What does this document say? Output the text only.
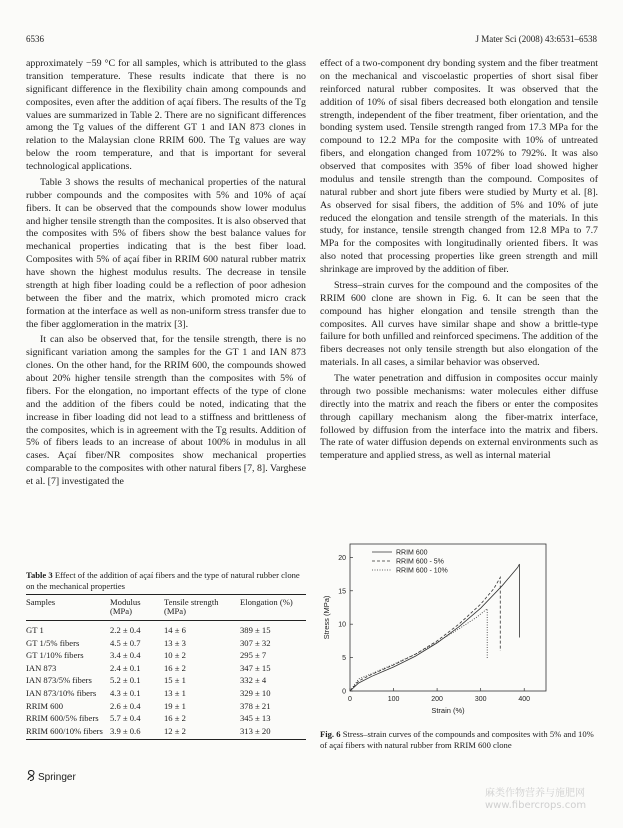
6536	J Mater Sci (2008) 43:6531–6538

approximately −59 °C for all samples, which is attributed to the glass transition temperature. These results indicate that there is no significant difference in the flexibility chain among compounds and composites, even after the addition of açaí fibers. The results of the Tg values are summarized in Table 2. There are no significant differences among the Tg values of the different GT 1 and IAN 873 clones in relation to the Malaysian clone RRIM 600. The Tg values are way below the room temperature, and that is important for several technological applications.

Table 3 shows the results of mechanical properties of the natural rubber compounds and the composites with 5% and 10% of açaí fibers. It can be observed that the compounds show lower modulus and higher tensile strength than the composites. It is also observed that the composites with 5% of fibers show the best balance values for mechanical properties indicating that is the best fiber load. Composites with 5% of açaí fiber in RRIM 600 natural rubber matrix have shown the highest modulus results. The decrease in tensile strength at high fiber loading could be a reflection of poor adhesion between the fiber and the matrix, which promoted micro crack formation at the interface as well as non-uniform stress transfer due to the fiber agglomeration in the matrix [3].

It can also be observed that, for the tensile strength, there is no significant variation among the samples for the GT 1 and IAN 873 clones. On the other hand, for the RRIM 600, the compounds showed about 20% higher tensile strength than the composites with 5% of fibers. For the elongation, no important effects of the type of clone and the addition of the fibers could be noted, indicating that the increase in fiber loading did not lead to a stiffness and brittleness of the composites, which is in agreement with the Tg results. Addition of 5% of fibers leads to an increase of about 100% in modulus in all cases. Açaí fiber/NR composites show mechanical properties comparable to the composites with other natural fibers [7, 8]. Varghese et al. [7] investigated the

effect of a two-component dry bonding system and the fiber treatment on the mechanical and viscoelastic properties of short sisal fiber reinforced natural rubber composites. It was observed that the addition of 10% of sisal fibers decreased both elongation and tensile strength, independent of the fiber treatment, fiber orientation, and the bonding system used. Tensile strength ranged from 17.3 MPa for the compound to 12.2 MPa for the composite with 10% of untreated fibers, and elongation changed from 1072% to 792%. It was also observed that composites with 35% of fiber load showed higher modulus and tensile strength than the compound. Composites of natural rubber and short jute fibers were studied by Murty et al. [8]. As observed for sisal fibers, the addition of 5% and 10% of jute reduced the elongation and tensile strength of the materials. In this study, for instance, tensile strength changed from 12.8 MPa to 7.7 MPa for the composites with longitudinally oriented fibers. It was also noted that processing properties like green strength and mill shrinkage are improved by the addition of fiber.

Stress–strain curves for the compound and the composites of the RRIM 600 clone are shown in Fig. 6. It can be seen that the compound has higher elongation and tensile strength than the composites. All curves have similar shape and show a brittle-type failure for both unfilled and reinforced specimens. The addition of the fibers decreases not only tensile strength but also elongation of the materials. In all cases, a similar behavior was observed.

The water penetration and diffusion in composites occur mainly through two possible mechanisms: water molecules either diffuse directly into the matrix and reach the fibers or enter the composites through capillary mechanism along the fiber-matrix interface, followed by diffusion from the interface into the matrix and fibers. The rate of water diffusion depends on external environments such as temperature and applied stress, as well as internal material

Table 3 Effect of the addition of açaí fibers and the type of natural rubber clone on the mechanical properties
Samples	Modulus (MPa)	Tensile strength (MPa)	Elongation (%)
GT 1	2.2 ± 0.4	14 ± 6	389 ± 15
GT 1/5% fibers	4.5 ± 0.7	13 ± 3	307 ± 32
GT 1/10% fibers	3.4 ± 0.4	10 ± 2	295 ± 7
IAN 873	2.4 ± 0.1	16 ± 2	347 ± 15
IAN 873/5% fibers	5.2 ± 0.1	15 ± 1	332 ± 4
IAN 873/10% fibers	4.3 ± 0.1	13 ± 1	329 ± 10
RRIM 600	2.6 ± 0.4	19 ± 1	378 ± 21
RRIM 600/5% fibers	5.7 ± 0.4	16 ± 2	345 ± 13
RRIM 600/10% fibers	3.9 ± 0.6	12 ± 2	313 ± 20
0	100	200	300	400
0
5
10
15
20
Strain (%)
Stress (MPa)
RRIM 600
RRIM 600 - 5%
RRIM 600 - 10%
Fig. 6 Stress–strain curves of the compounds and composites with 5% and 10% of açaí fibers with natural rubber from RRIM 600 clone
Springer
麻类作物营养与施肥网
www.fibercrops.com
